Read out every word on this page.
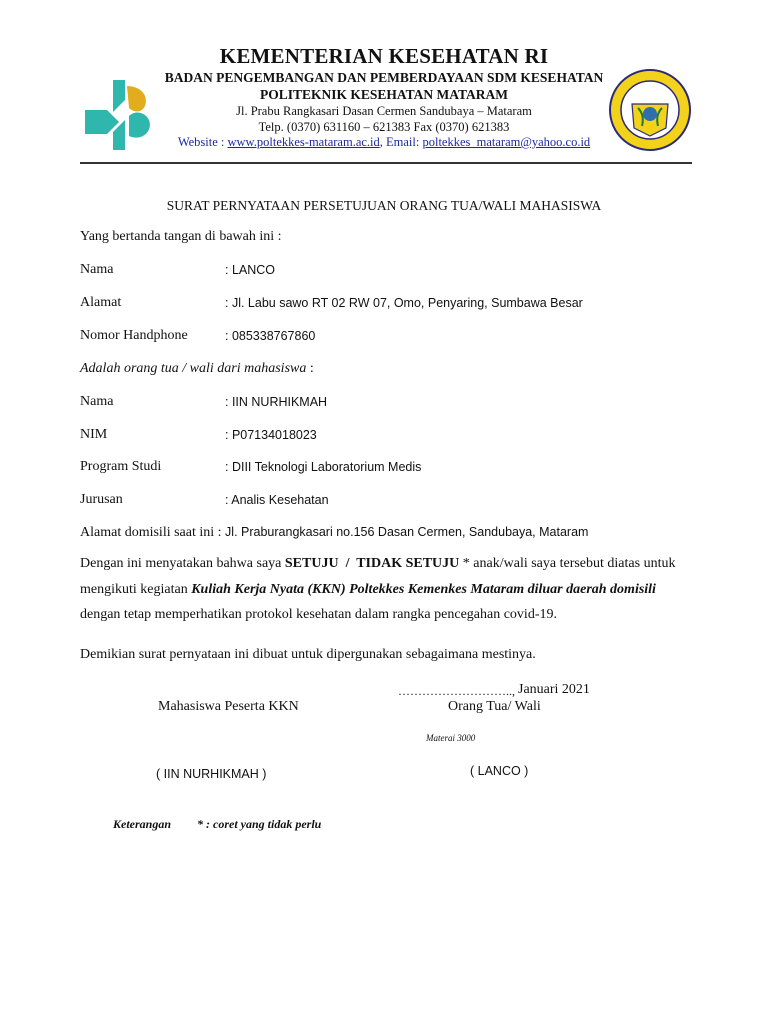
KEMENTERIAN KESEHATAN RI
BADAN PENGEMBANGAN DAN PEMBERDAYAAN SDM KESEHATAN
POLITEKNIK KESEHATAN MATARAM
Jl. Prabu Rangkasari Dasan Cermen Sandubaya – Mataram
Telp. (0370) 631160 – 621383 Fax (0370) 621383
Website : www.poltekkes-mataram.ac.id, Email: poltekkes_mataram@yahoo.co.id
SURAT PERNYATAAN PERSETUJUAN ORANG TUA/WALI MAHASISWA
Yang bertanda tangan di bawah ini :
Nama	: LANCO
Alamat	: Jl. Labu sawo RT 02 RW 07, Omo, Penyaring, Sumbawa Besar
Nomor Handphone	: 085338767860
Adalah orang tua / wali dari mahasiswa :
Nama	: IIN NURHIKMAH
NIM	: P07134018023
Program Studi	: DIII Teknologi Laboratorium Medis
Jurusan	: Analis Kesehatan
Alamat domisili saat ini : Jl. Praburangkasari no.156 Dasan Cermen, Sandubaya, Mataram
Dengan ini menyatakan bahwa saya SETUJU  /  TIDAK SETUJU * anak/wali saya tersebut diatas untuk
mengikuti kegiatan Kuliah Kerja Nyata (KKN) Poltekkes Kemenkes Mataram diluar daerah domisili
dengan tetap memperhatikan protokol kesehatan dalam rangka pencegahan covid-19.
Demikian surat pernyataan ini dibuat untuk dipergunakan sebagaimana mestinya.
……………………….., Januari 2021
Mahasiswa Peserta KKN	Orang Tua/ Wali
Materai 3000
( IIN NURHIKMAH )	( LANCO )
Keterangan * : coret yang tidak perlu
